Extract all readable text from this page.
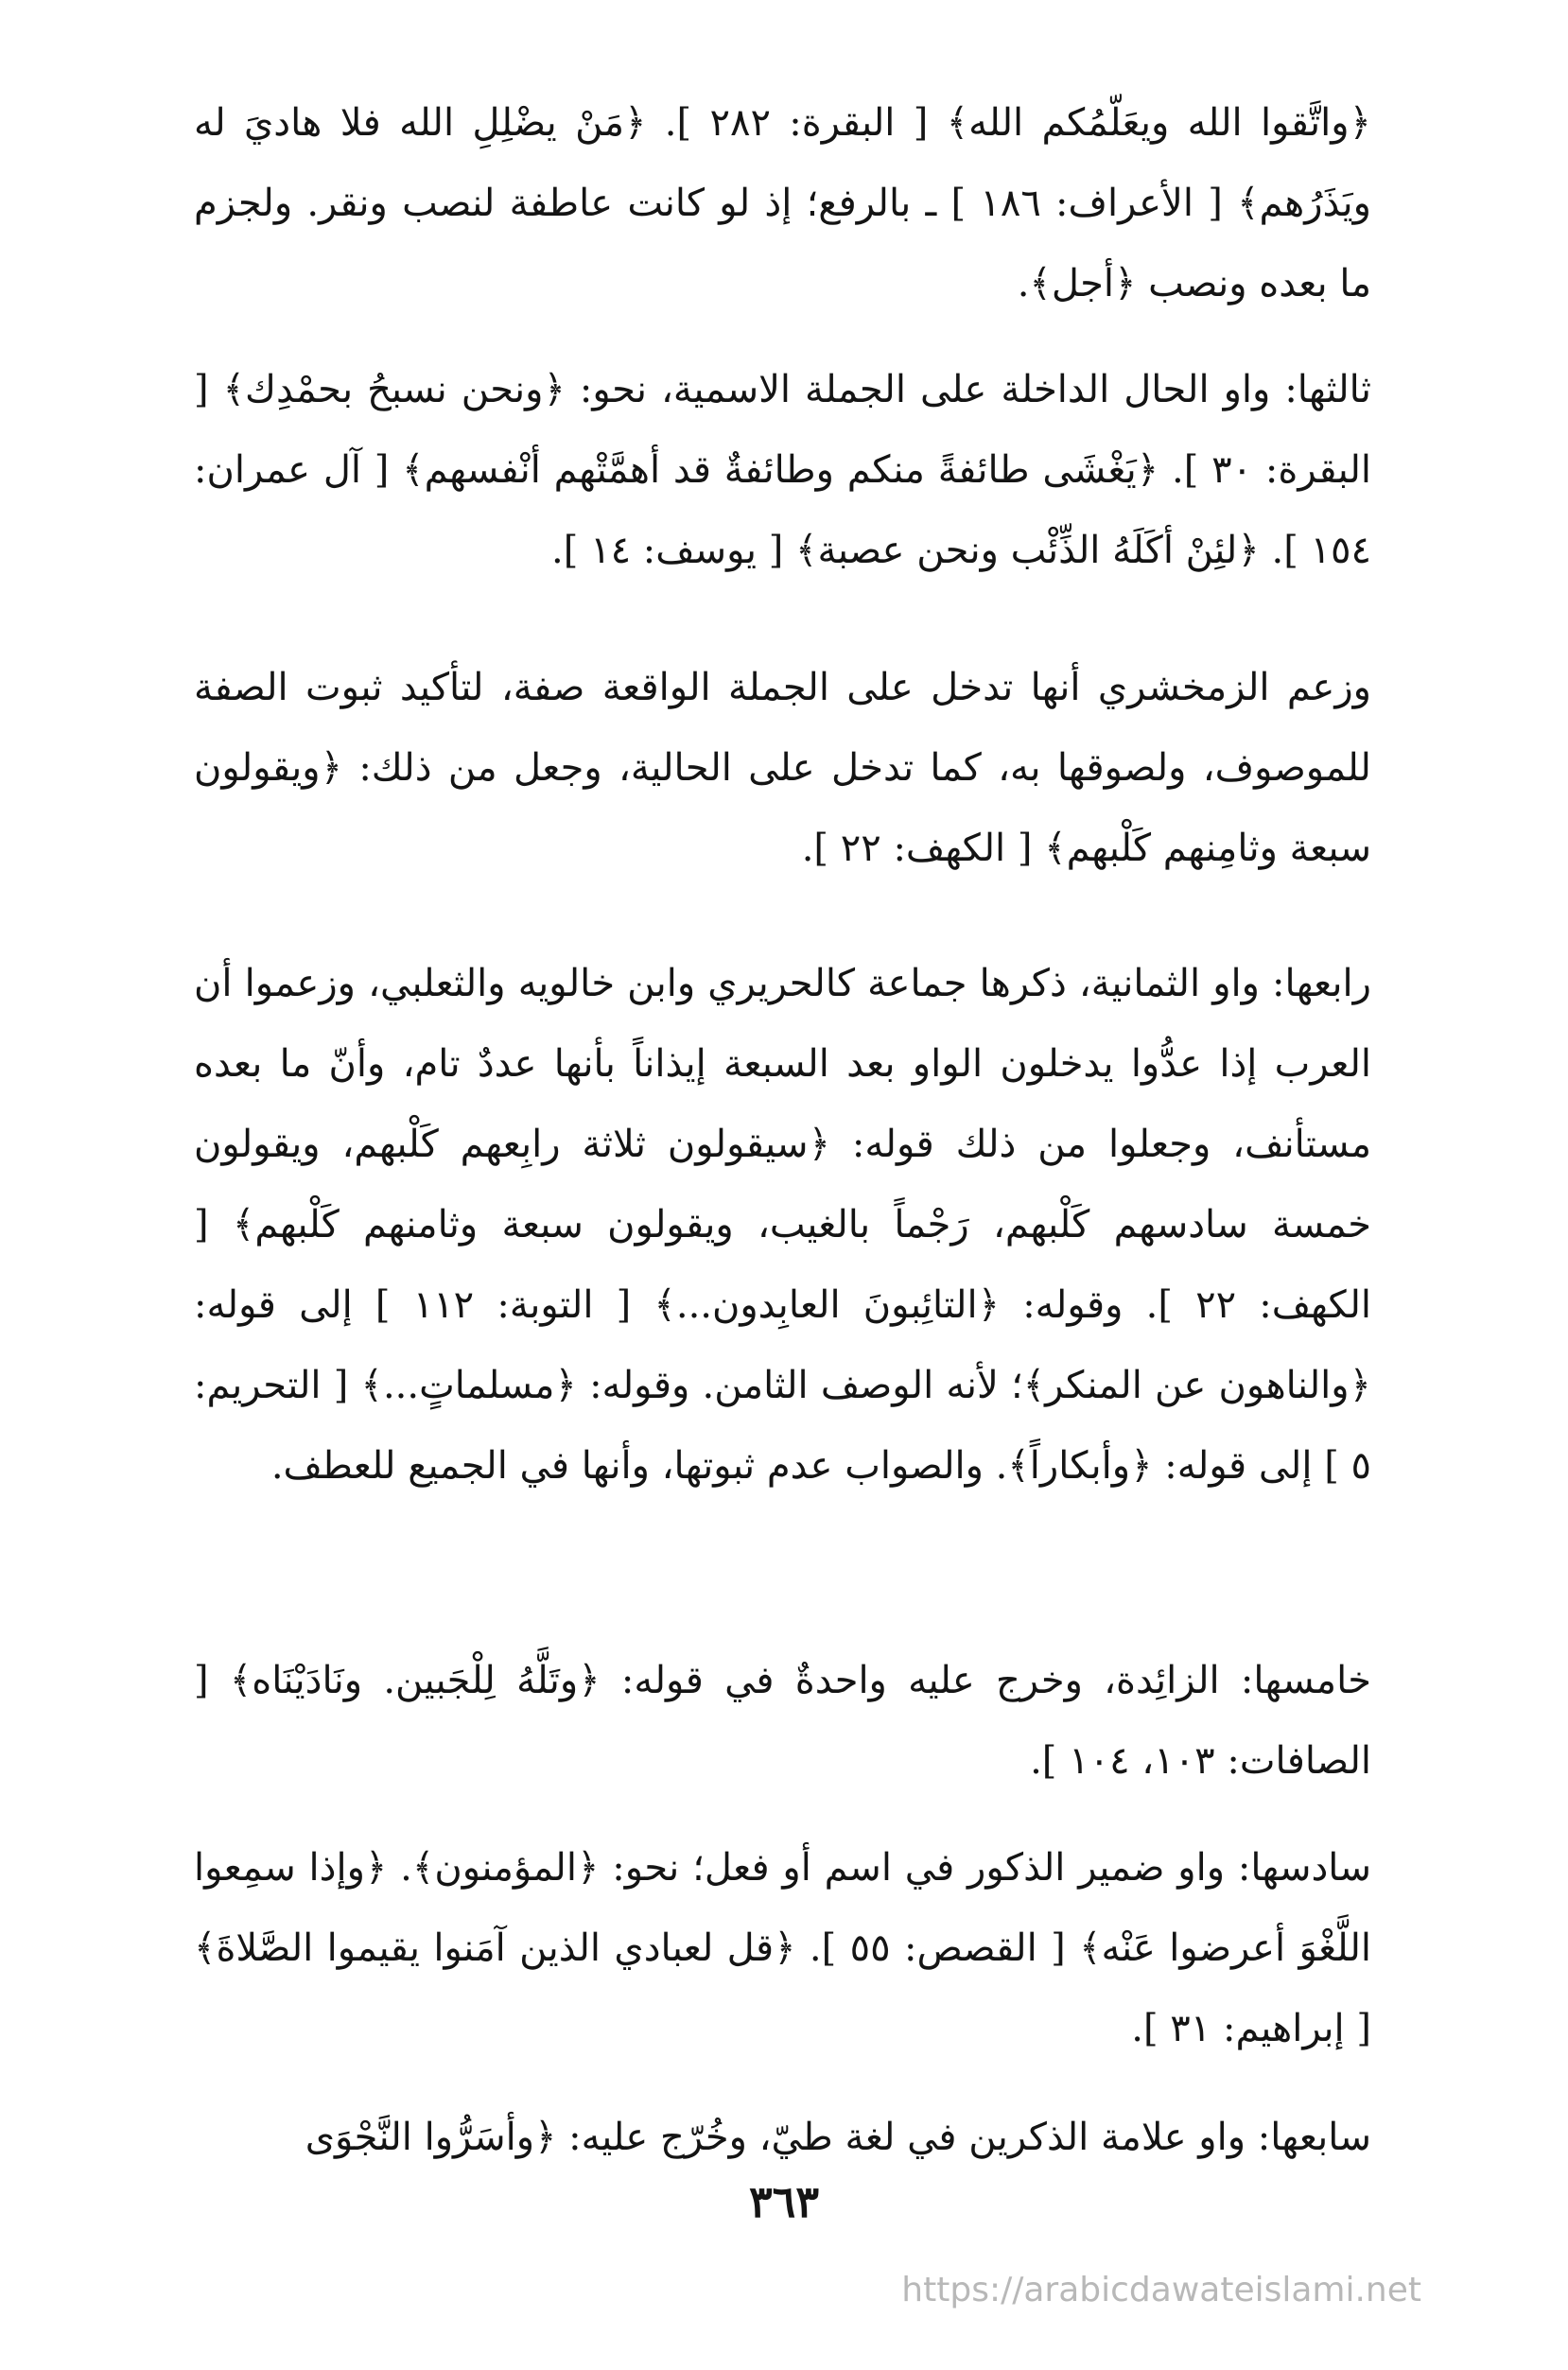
﴿واتَّقوا الله ويعَلّمُكم الله﴾ [ البقرة: ٢٨٢ ]. ﴿مَنْ يضْلِلِ الله فلا هاديَ له ويَذَرُهم﴾ [ الأعراف: ١٨٦ ] ـ بالرفع؛ إذ لو كانت عاطفة لنصب ونقر. ولجزم ما بعده ونصب ﴿أجل﴾.

ثالثها: واو الحال الداخلة على الجملة الاسمية، نحو: ﴿ونحن نسبحُ بحمْدِك﴾ [ البقرة: ٣٠ ]. ﴿يَغْشَى طائفةً منكم وطائفةٌ قد أهمَّتْهم أنْفسهم﴾ [ آل عمران: ١٥٤ ]. ﴿لئِنْ أكَلَهُ الذِّئْب ونحن عصبة﴾ [ يوسف: ١٤ ].

وزعم الزمخشري أنها تدخل على الجملة الواقعة صفة، لتأكيد ثبوت الصفة للموصوف، ولصوقها به، كما تدخل على الحالية، وجعل من ذلك: ﴿ويقولون سبعة وثامِنهم كَلْبهم﴾ [ الكهف: ٢٢ ].

رابعها: واو الثمانية، ذكرها جماعة كالحريري وابن خالويه والثعلبي، وزعموا أن العرب إذا عدُّوا يدخلون الواو بعد السبعة إيذاناً بأنها عددٌ تام، وأنّ ما بعده مستأنف، وجعلوا من ذلك قوله: ﴿سيقولون ثلاثة رابِعهم كَلْبهم، ويقولون خمسة سادسهم كَلْبهم، رَجْماً بالغيب، ويقولون سبعة وثامنهم كَلْبهم﴾ [ الكهف: ٢٢ ]. وقوله: ﴿التائِبونَ العابِدون...﴾ [ التوبة: ١١٢ ] إلى قوله: ﴿والناهون عن المنكر﴾؛ لأنه الوصف الثامن. وقوله: ﴿مسلماتٍ...﴾ [ التحريم: ٥ ] إلى قوله: ﴿وأبكاراً﴾. والصواب عدم ثبوتها، وأنها في الجميع للعطف.

خامسها: الزائِدة، وخرج عليه واحدةٌ في قوله: ﴿وتَلَّهُ لِلْجَبين. ونَادَيْنَاه﴾ [ الصافات: ١٠٣، ١٠٤ ].

سادسها: واو ضمير الذكور في اسم أو فعل؛ نحو: ﴿المؤمنون﴾. ﴿وإذا سمِعوا اللَّغْوَ أعرضوا عَنْه﴾ [ القصص: ٥٥ ]. ﴿قل لعبادي الذين آمَنوا يقيموا الصَّلاةَ﴾ [ إبراهيم: ٣١ ].

سابعها: واو علامة الذكرين في لغة طيّ، وخُرّج عليه: ﴿وأسَرُّوا النَّجْوَى

٣٦٣
https://arabicdawateislami.net
